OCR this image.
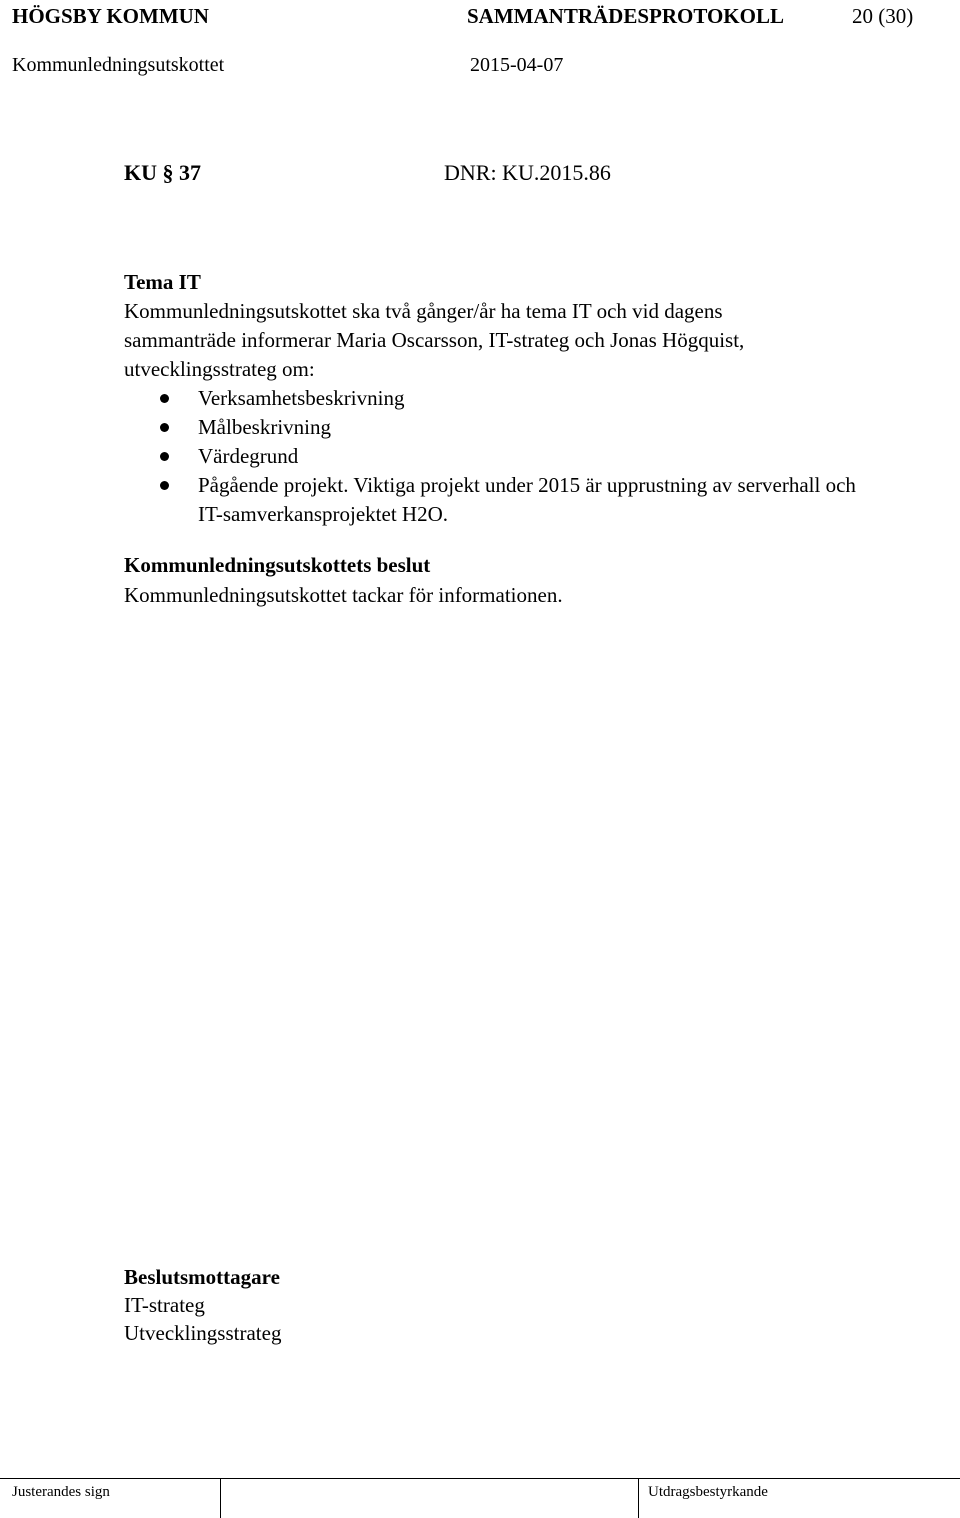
HÖGSBY KOMMUN	SAMMANTRÄDESPROTOKOLL	20 (30)
Kommunledningsutskottet	2015-04-07
KU § 37	DNR: KU.2015.86
Tema IT
Kommunledningsutskottet ska två gånger/år ha tema IT och vid dagens
sammanträde informerar Maria Oscarsson, IT-strateg och Jonas Högquist,
utvecklingsstrateg om:
Verksamhetsbeskrivning
Målbeskrivning
Värdegrund
Pågående projekt. Viktiga projekt under 2015 är upprustning av serverhall och IT-samverkansprojektet H2O.
Kommunledningsutskottets beslut
Kommunledningsutskottet tackar för informationen.
Beslutsmottagare
IT-strateg
Utvecklingsstrateg
Justerandes sign	Utdragsbestyrkande
